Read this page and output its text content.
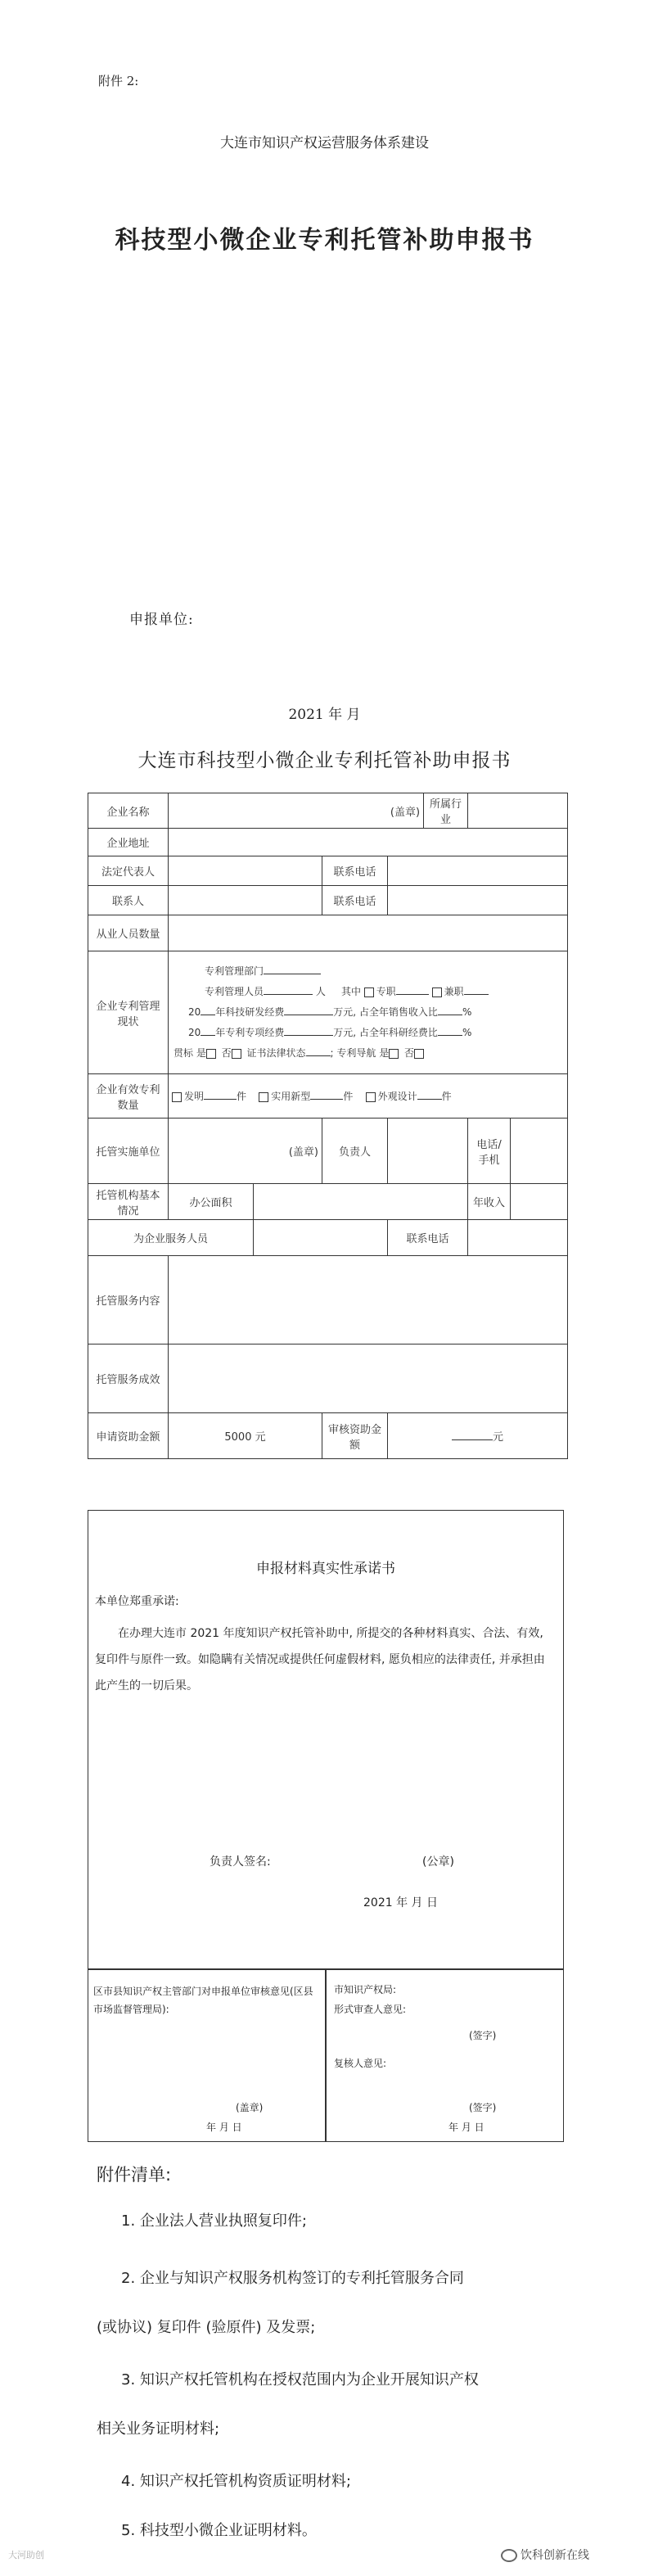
附件 2:
大连市知识产权运营服务体系建设
科技型小微企业专利托管补助申报书
申报单位:
2021 年 月
大连市科技型小微企业专利托管补助申报书
企业名称	(盖章)				所属行业		
企业地址							
法定代表人			联系电话				
联系人			联系电话				
从业人员数量							
企业专利管理现状	专利管理部门
专利管理人员 人 其中 专职 兼职
20 年科技研发经费 万元, 占全年销售收入比 %
20 年专利专项经费 万元, 占全年科研经费比 %
贯标 是 否 证书法律状态 ; 专利导航 是 否						

企业有效专利数量	发明 件 实用新型 件 外观设计 件						
托管实施单位	(盖章)		负责人			电话/手机	
托管机构基本情况	办公面积					年收入	
为企业服务人员				联系电话			
托管服务内容							
托管服务成效							
申请资助金额	5000 元		审核资助金额	元			
申报材料真实性承诺书
本单位郑重承诺:
在办理大连市 2021 年度知识产权托管补助中, 所提交的各种材料真实、合法、有效, 复印件与原件一致。如隐瞒有关情况或提供任何虚假材料, 愿负相应的法律责任, 并承担由此产生的一切后果。
负责人签名:	(公章)
2021 年 月 日
区市县知识产权主管部门对申报单位审核意见(区县市场监督管理局):
(盖章)
年 月 日
市知识产权局:
形式审查人意见:
(签字)
复核人意见:
(签字)
年 月 日
附件清单:
1. 企业法人营业执照复印件;
2. 企业与知识产权服务机构签订的专利托管服务合同
(或协议) 复印件 (验原件) 及发票;
3. 知识产权托管机构在授权范围内为企业开展知识产权
相关业务证明材料;
4. 知识产权托管机构资质证明材料;
5. 科技型小微企业证明材料。
饮科创新在线
大河助创
